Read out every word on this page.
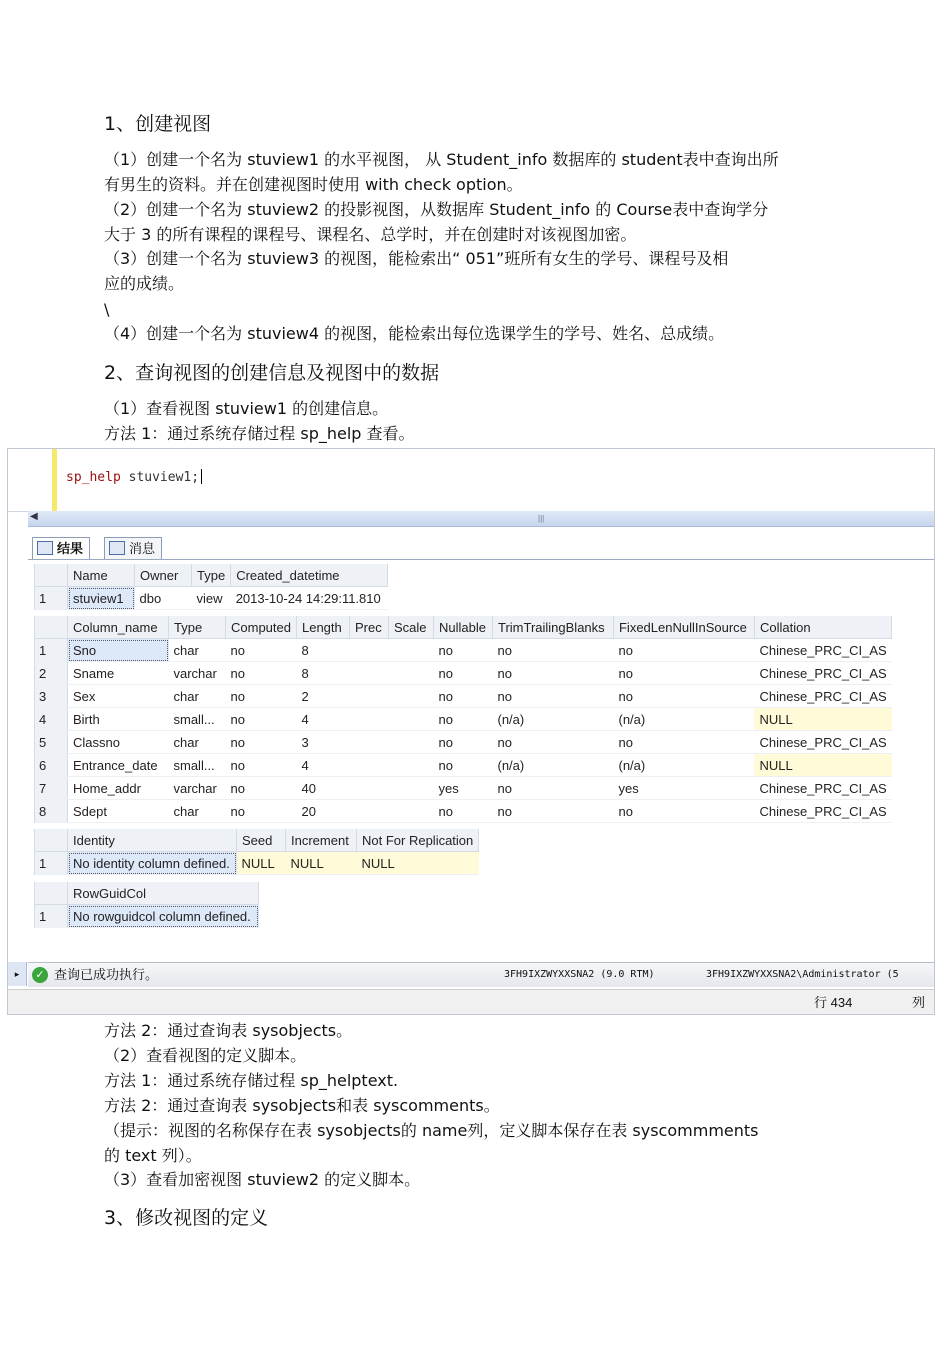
1、创建视图
（1）创建一个名为 stuview1 的水平视图， 从 Student_info 数据库的 student表中查询出所
有男生的资料。并在创建视图时使用 with check option。
（2）创建一个名为 stuview2 的投影视图，从数据库 Student_info 的 Course表中查询学分
大于 3 的所有课程的课程号、课程名、总学时，并在创建时对该视图加密。
（3）创建一个名为 stuview3 的视图，能检索出“ 051”班所有女生的学号、课程号及相
应的成绩。
\
（4）创建一个名为 stuview4 的视图，能检索出每位选课学生的学号、姓名、总成绩。
2、查询视图的创建信息及视图中的数据
（1）查看视图 stuview1 的创建信息。
方法 1：通过系统存储过程 sp_help 查看。
sp_help stuview1;
◀	|||
结果	消息
	Name	Owner	Type	Created_datetime
1	stuview1	dbo	view	2013-10-24 14:29:11.810
	Column_name	Type	Computed	Length	Prec	Scale	Nullable	TrimTrailingBlanks	FixedLenNullInSource	Collation
1	Sno	char	no	8			no	no	no	Chinese_PRC_CI_AS
2	Sname	varchar	no	8			no	no	no	Chinese_PRC_CI_AS
3	Sex	char	no	2			no	no	no	Chinese_PRC_CI_AS
4	Birth	small...	no	4			no	(n/a)	(n/a)	NULL
5	Classno	char	no	3			no	no	no	Chinese_PRC_CI_AS
6	Entrance_date	small...	no	4			no	(n/a)	(n/a)	NULL
7	Home_addr	varchar	no	40			yes	no	yes	Chinese_PRC_CI_AS
8	Sdept	char	no	20			no	no	no	Chinese_PRC_CI_AS
	Identity	Seed	Increment	Not For Replication
1	No identity column defined.	NULL	NULL	NULL
	RowGuidCol
1	No rowguidcol column defined.
▸	✓ 查询已成功执行。	3FH9IXZWYXXSNA2 (9.0 RTM)	3FH9IXZWYXXSNA2\Administrator (5
行 434	列
方法 2：通过查询表 sysobjects。
（2）查看视图的定义脚本。
方法 1：通过系统存储过程 sp_helptext.
方法 2：通过查询表 sysobjects和表 syscomments。
（提示：视图的名称保存在表 sysobjects的 name列，定义脚本保存在表 syscommments
的 text 列）。
（3）查看加密视图 stuview2 的定义脚本。
3、修改视图的定义
